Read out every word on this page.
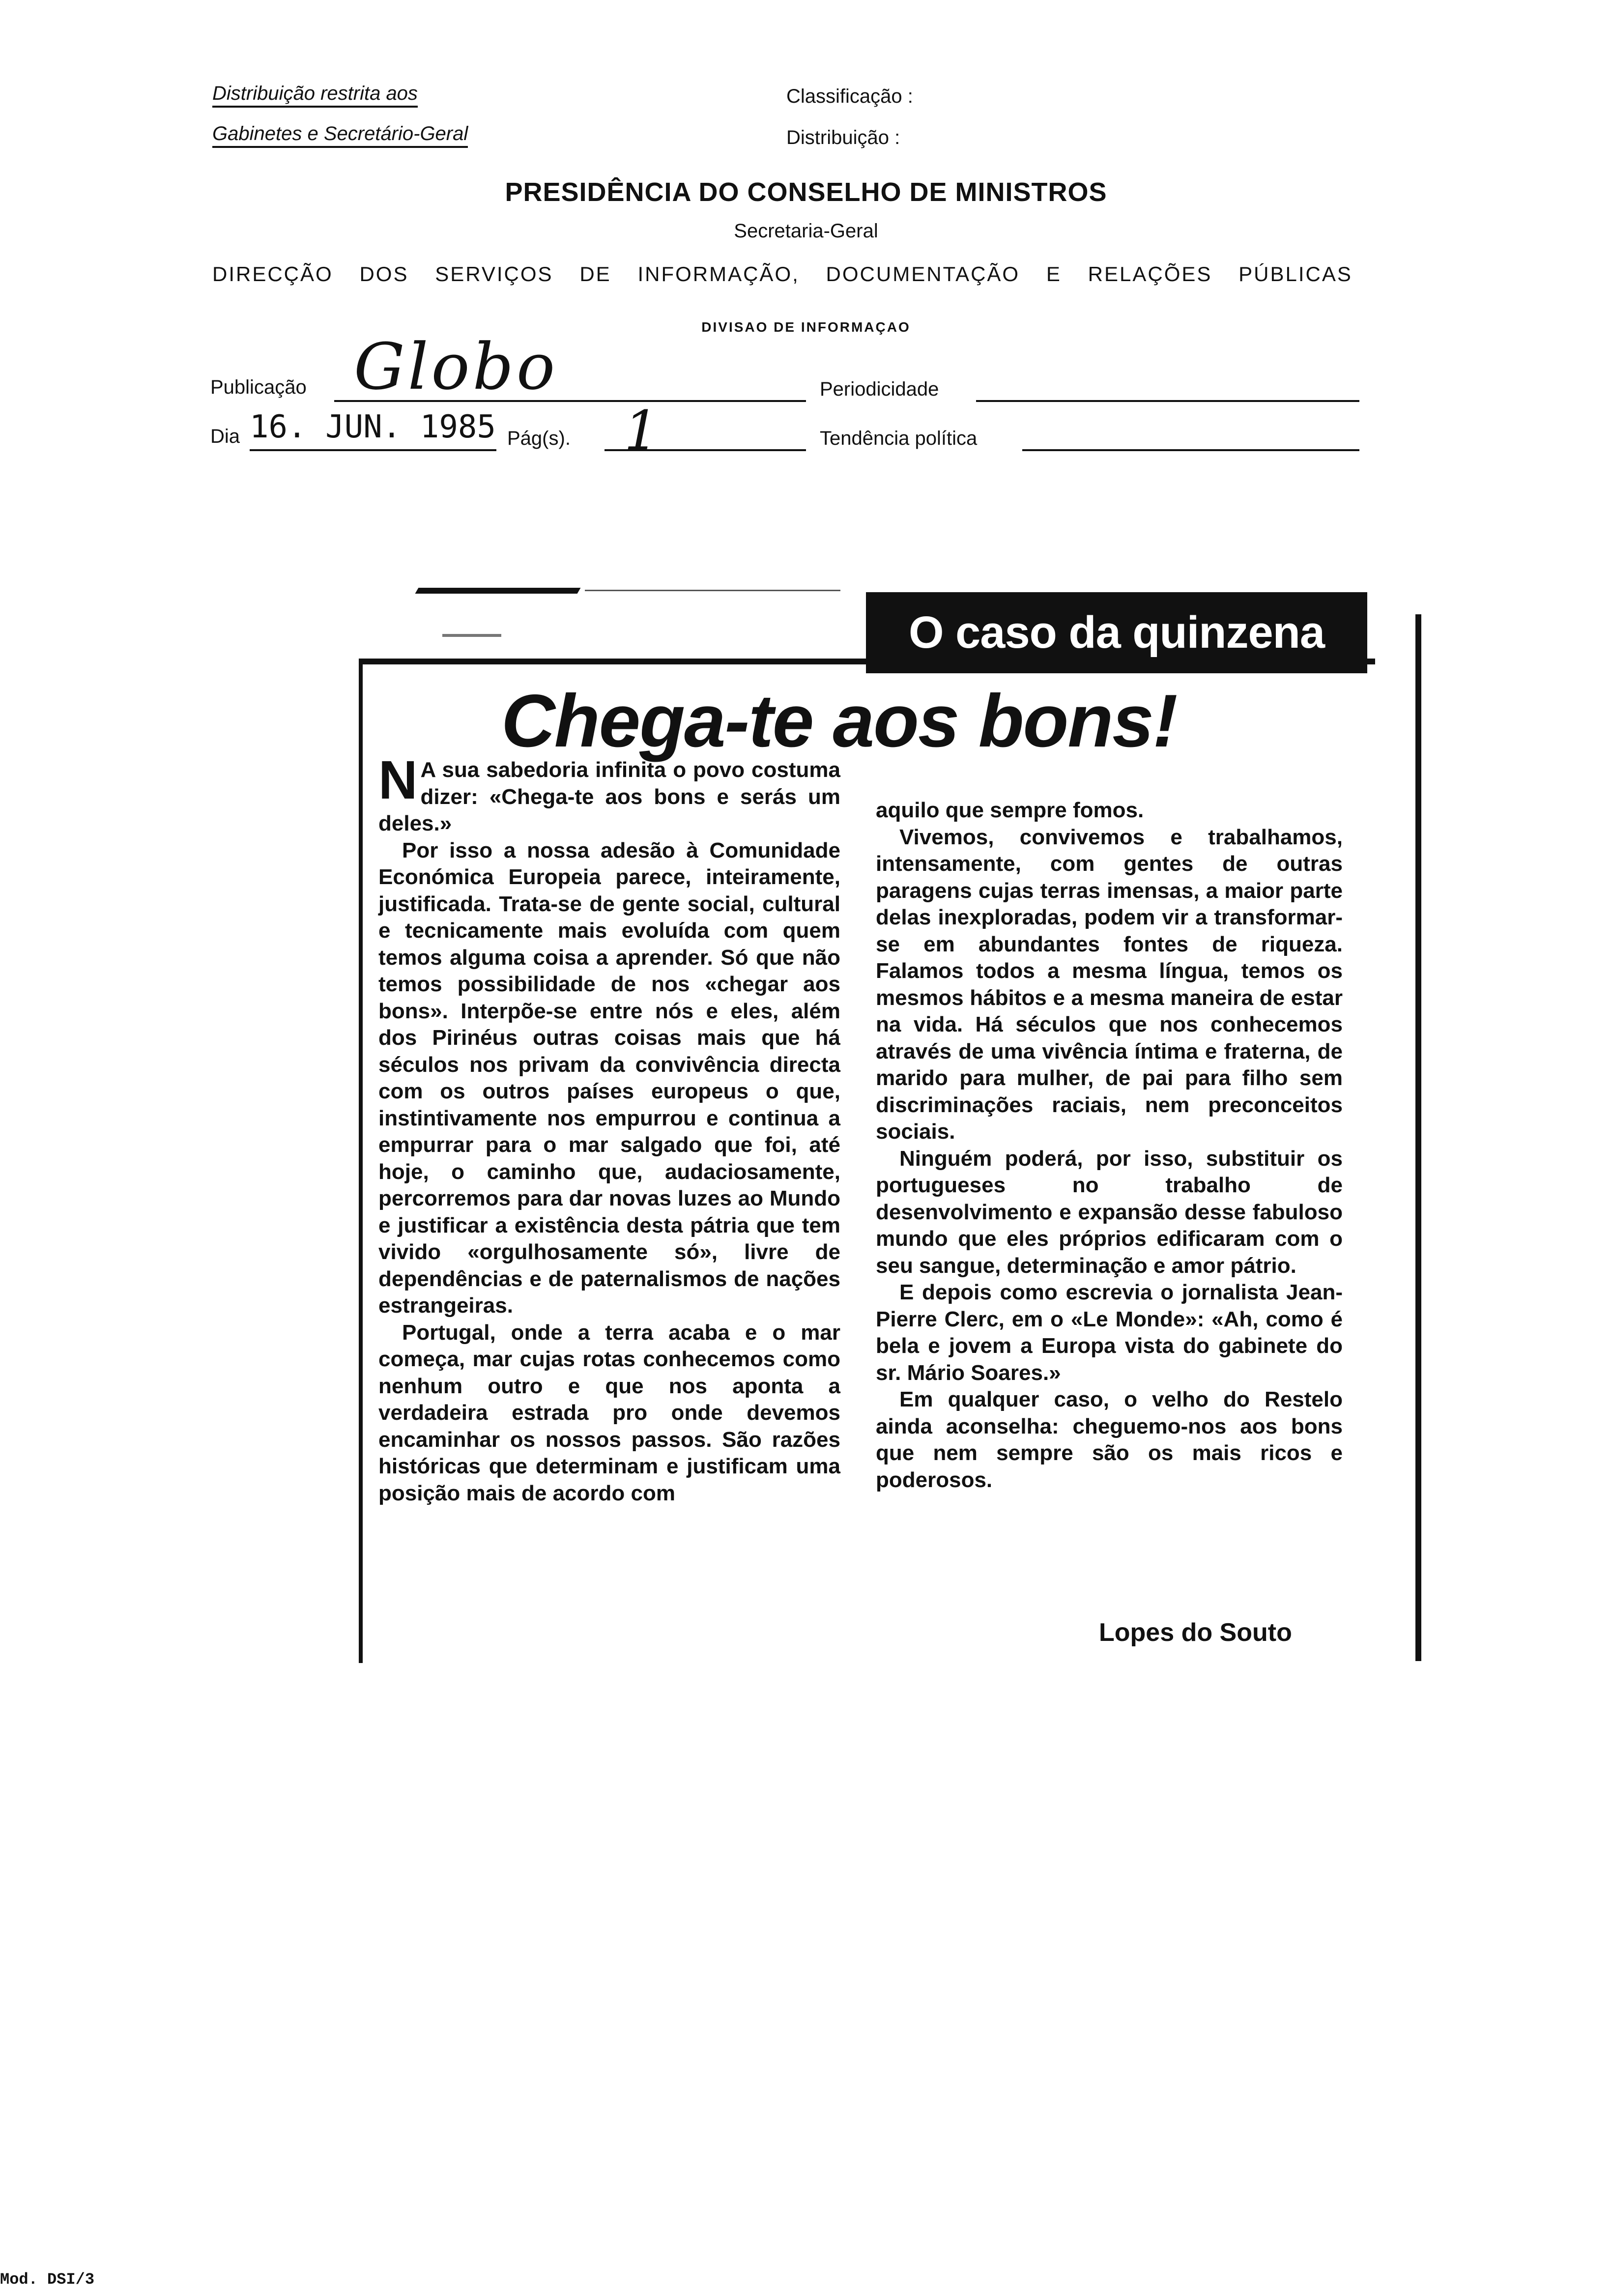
Distribuição restrita aos
Gabinetes e Secretário-Geral
Classificação :
Distribuição :
PRESIDÊNCIA DO CONSELHO DE MINISTROS
Secretaria-Geral
DIRECÇÃO DOS SERVIÇOS DE INFORMAÇÃO, DOCUMENTAÇÃO E RELAÇÕES PÚBLICAS
DIVISAO DE INFORMAÇAO
Publicação Globo	Periodicidade
Dia 16. JUN. 1985 Pág(s). 1	Tendência política
O caso da quinzena
Chega-te aos bons!

N A sua sabedoria infinita o povo costuma dizer: «Chega-te aos bons e serás um deles.»

Por isso a nossa adesão à Comunidade Económica Europeia parece, inteiramente, justificada. Trata-se de gente social, cultural e tecnicamente mais evoluída com quem temos alguma coisa a aprender. Só que não temos possibilidade de nos «chegar aos bons». Interpõe-se entre nós e eles, além dos Pirinéus outras coisas mais que há séculos nos privam da convivência directa com os outros países europeus o que, instintivamente nos empurrou e continua a empurrar para o mar salgado que foi, até hoje, o caminho que, audaciosamente, percorremos para dar novas luzes ao Mundo e justificar a existência desta pátria que tem vivido «orgulhosamente só», livre de dependências e de paternalismos de nações estrangeiras.

Portugal, onde a terra acaba e o mar começa, mar cujas rotas conhecemos como nenhum outro e que nos aponta a verdadeira estrada pro onde devemos encaminhar os nossos passos. São razões históricas que determinam e justificam uma posição mais de acordo com

aquilo que sempre fomos.

Vivemos, convivemos e trabalhamos, intensamente, com gentes de outras paragens cujas terras imensas, a maior parte delas inexploradas, podem vir a transformar-se em abundantes fontes de riqueza. Falamos todos a mesma língua, temos os mesmos hábitos e a mesma maneira de estar na vida. Há séculos que nos conhecemos através de uma vivência íntima e fraterna, de marido para mulher, de pai para filho sem discriminações raciais, nem preconceitos sociais.

Ninguém poderá, por isso, substituir os portugueses no trabalho de desenvolvimento e expansão desse fabuloso mundo que eles próprios edificaram com o seu sangue, determinação e amor pátrio.

E depois como escrevia o jornalista Jean-Pierre Clerc, em o «Le Monde»: «Ah, como é bela e jovem a Europa vista do gabinete do sr. Mário Soares.»

Em qualquer caso, o velho do Restelo ainda aconselha: cheguemo-nos aos bons que nem sempre são os mais ricos e poderosos.

Lopes do Souto
Mod. DSI/3
